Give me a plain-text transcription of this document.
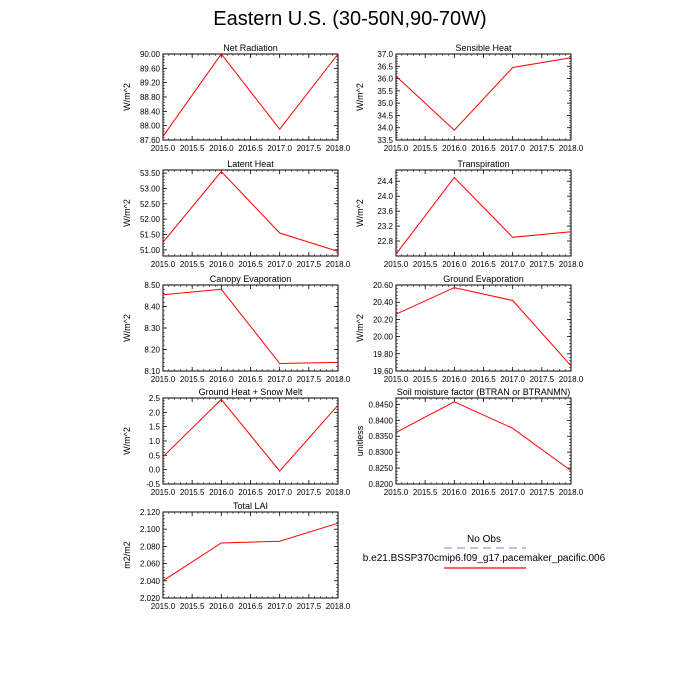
Eastern U.S. (30-50N,90-70W)
Net Radiation
W/m^2
2015.0 2015.5 2016.0 2016.5 2017.0 2017.5 2018.0
87.60
88.00
88.40
88.80
89.20
89.60
90.00
Sensible Heat
W/m^2
2015.0 2015.5 2016.0 2016.5 2017.0 2017.5 2018.0
33.5
34.0
34.5
35.0
35.5
36.0
36.5
37.0
Latent Heat
W/m^2
2015.0 2015.5 2016.0 2016.5 2017.0 2017.5 2018.0
51.00
51.50
52.00
52.50
53.00
53.50
Transpiration
W/m^2
2015.0 2015.5 2016.0 2016.5 2017.0 2017.5 2018.0
22.8
23.2
23.6
24.0
24.4
Canopy Evaporation
W/m^2
2015.0 2015.5 2016.0 2016.5 2017.0 2017.5 2018.0
8.10
8.20
8.30
8.40
8.50
Ground Evaporation
W/m^2
2015.0 2015.5 2016.0 2016.5 2017.0 2017.5 2018.0
19.60
19.80
20.00
20.20
20.40
20.60
Ground Heat + Snow Melt
W/m^2
2015.0 2015.5 2016.0 2016.5 2017.0 2017.5 2018.0
-0.5
0.0
0.5
1.0
1.5
2.0
2.5
Soil moisture factor (BTRAN or BTRANMN)
unitless
2015.0 2015.5 2016.0 2016.5 2017.0 2017.5 2018.0
0.8200
0.8250
0.8300
0.8350
0.8400
0.8450
Total LAI
m2/m2
2015.0 2015.5 2016.0 2016.5 2017.0 2017.5 2018.0
2.020
2.040
2.060
2.080
2.100
2.120
No Obs
b.e21.BSSP370cmip6.f09_g17.pacemaker_pacific.006
